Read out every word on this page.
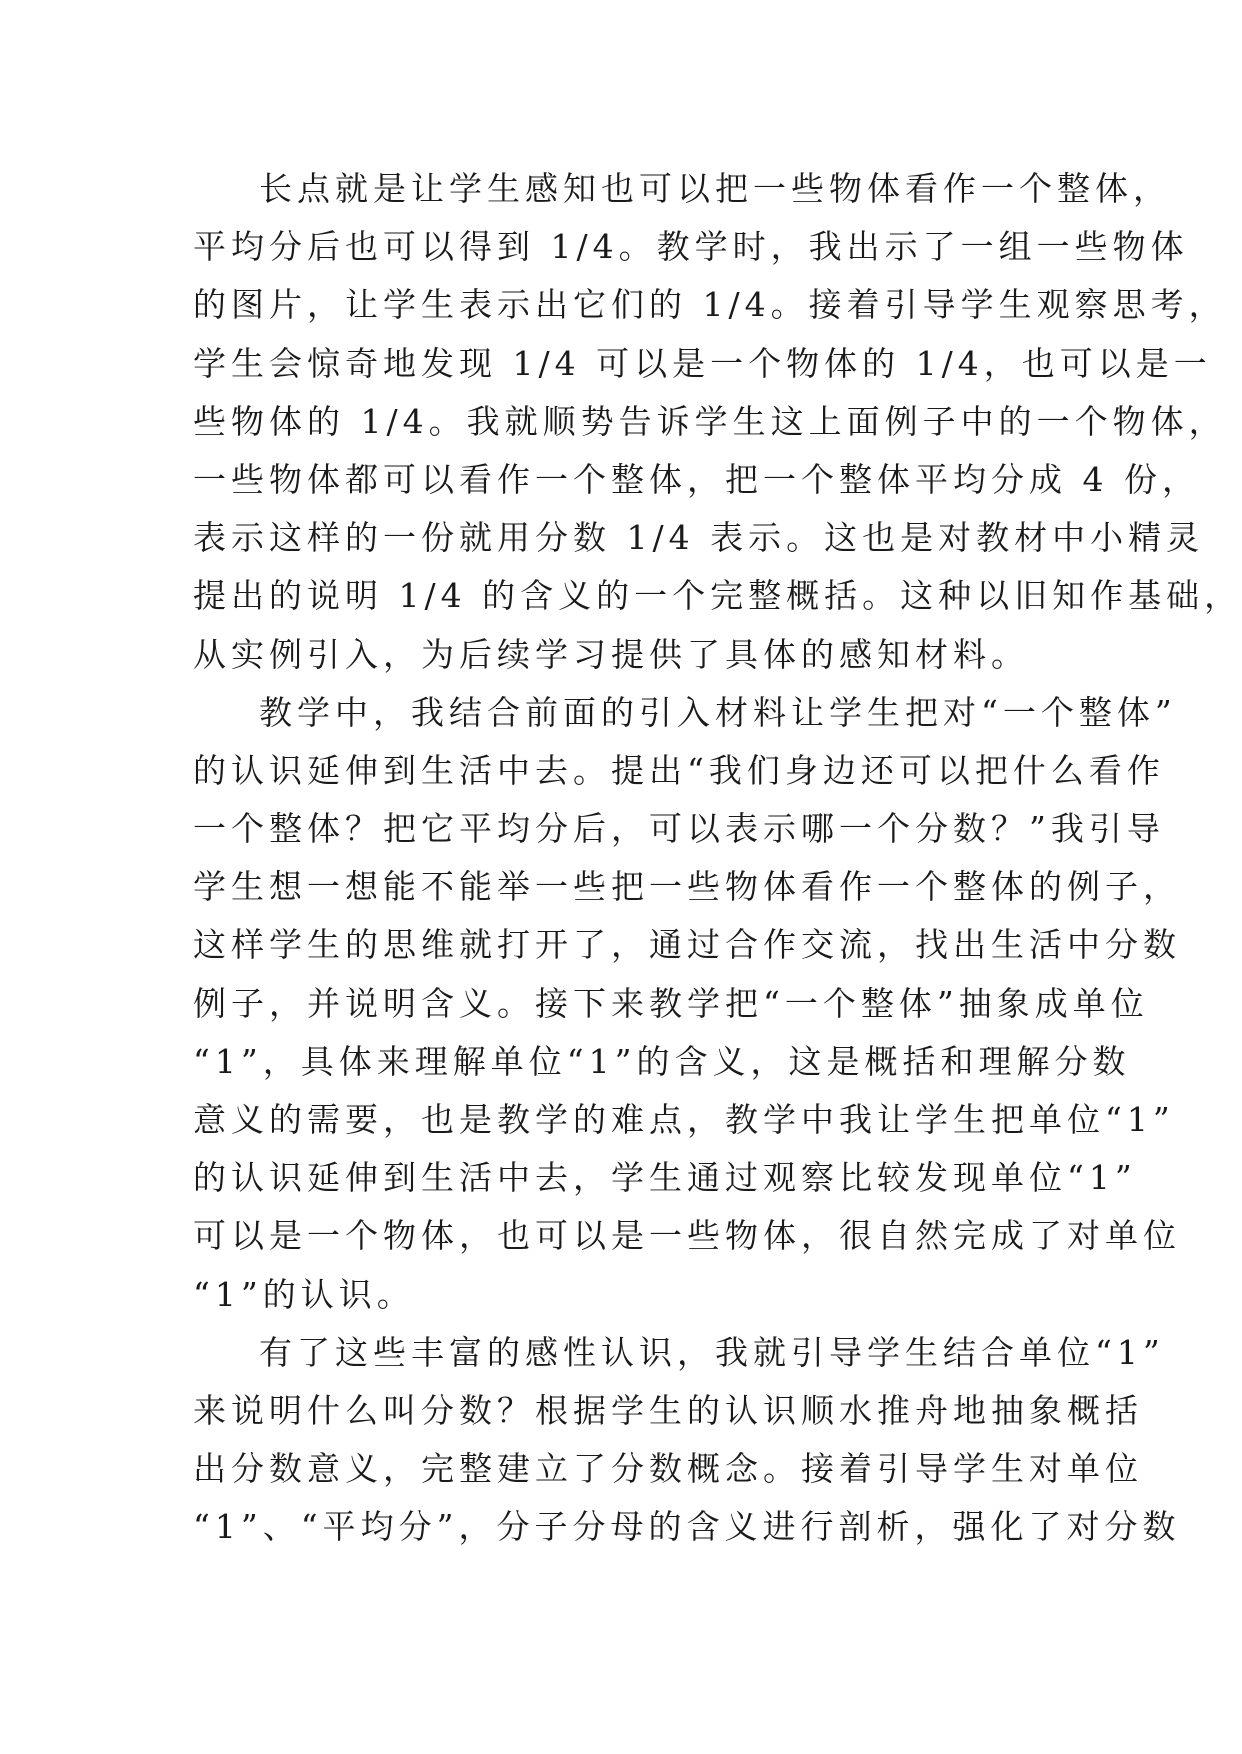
长点就是让学生感知也可以把一些物体看作一个整体，
平均分后也可以得到 1/4。教学时，我出示了一组一些物体
的图片，让学生表示出它们的 1/4。接着引导学生观察思考，
学生会惊奇地发现 1/4 可以是一个物体的 1/4，也可以是一
些物体的 1/4。我就顺势告诉学生这上面例子中的一个物体，
一些物体都可以看作一个整体，把一个整体平均分成 4 份，
表示这样的一份就用分数 1/4 表示。这也是对教材中小精灵
提出的说明 1/4 的含义的一个完整概括。这种以旧知作基础，
从实例引入，为后续学习提供了具体的感知材料。
教学中，我结合前面的引入材料让学生把对“一个整体”
的认识延伸到生活中去。提出“我们身边还可以把什么看作
一个整体？把它平均分后，可以表示哪一个分数？”我引导
学生想一想能不能举一些把一些物体看作一个整体的例子，
这样学生的思维就打开了，通过合作交流，找出生活中分数
例子，并说明含义。接下来教学把“一个整体”抽象成单位
“1”，具体来理解单位“1”的含义，这是概括和理解分数
意义的需要，也是教学的难点，教学中我让学生把单位“1”
的认识延伸到生活中去，学生通过观察比较发现单位“1”
可以是一个物体，也可以是一些物体，很自然完成了对单位
“1”的认识。
有了这些丰富的感性认识，我就引导学生结合单位“1”
来说明什么叫分数？根据学生的认识顺水推舟地抽象概括
出分数意义，完整建立了分数概念。接着引导学生对单位
“1”、“平均分”，分子分母的含义进行剖析，强化了对分数
